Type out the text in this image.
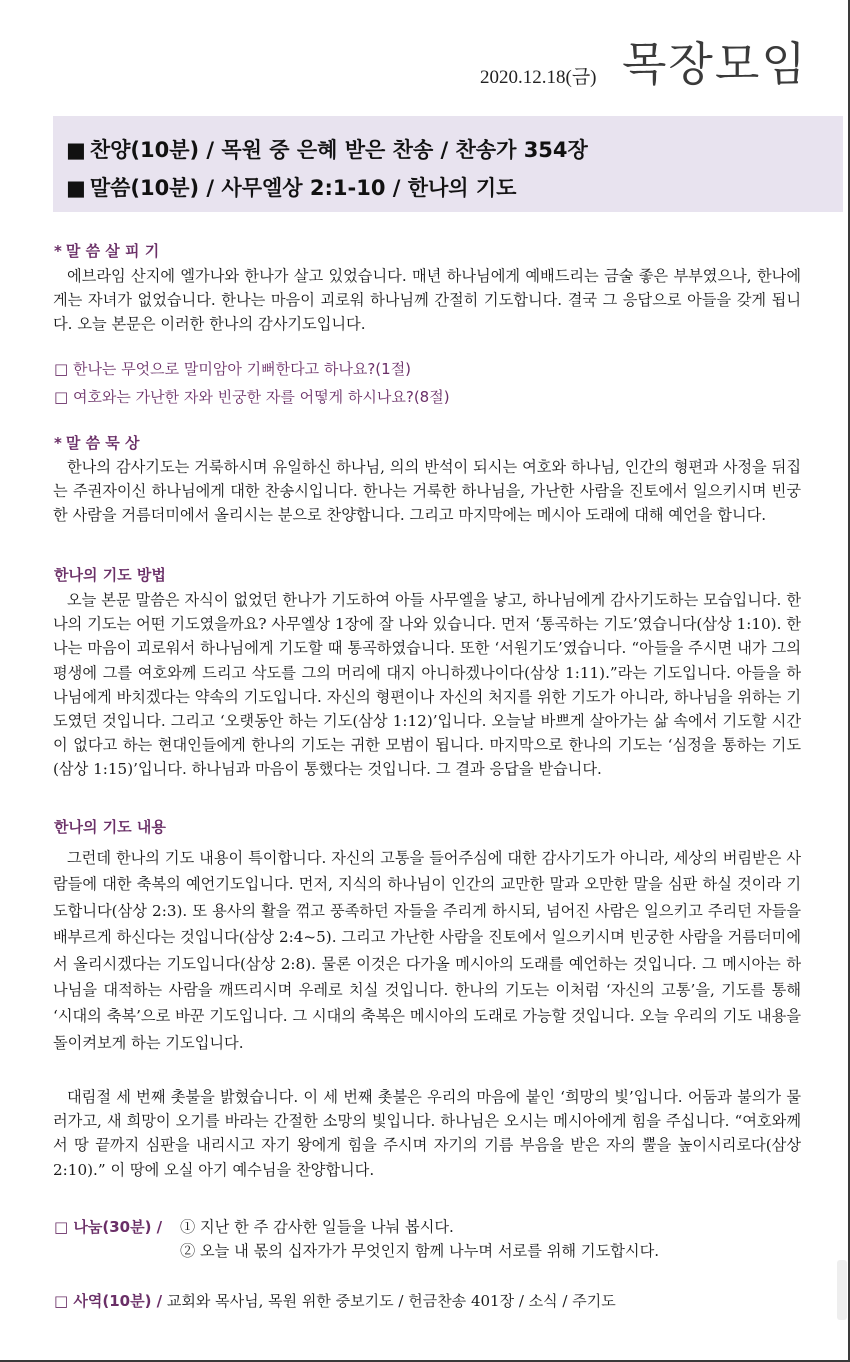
2020.12.18(금) 목장모임
■ 찬양(10분) / 목원 중 은혜 받은 찬송 / 찬송가 354장
■ 말씀(10분) / 사무엘상 2:1-10 / 한나의 기도
* 말 씀 살 피 기
에브라임 산지에 엘가나와 한나가 살고 있었습니다. 매년 하나님에게 예배드리는 금술 좋은 부부였으나, 한나에게는 자녀가 없었습니다. 한나는 마음이 괴로워 하나님께 간절히 기도합니다. 결국 그 응답으로 아들을 갖게 됩니다. 오늘 본문은 이러한 한나의 감사기도입니다.
□ 한나는 무엇으로 말미암아 기뻐한다고 하나요?(1절)
□ 여호와는 가난한 자와 빈궁한 자를 어떻게 하시나요?(8절)
* 말 씀 묵 상
한나의 감사기도는 거룩하시며 유일하신 하나님, 의의 반석이 되시는 여호와 하나님, 인간의 형편과 사정을 뒤집는 주권자이신 하나님에게 대한 찬송시입니다. 한나는 거룩한 하나님을, 가난한 사람을 진토에서 일으키시며 빈궁한 사람을 거름더미에서 올리시는 분으로 찬양합니다. 그리고 마지막에는 메시아 도래에 대해 예언을 합니다.
한나의 기도 방법
오늘 본문 말씀은 자식이 없었던 한나가 기도하여 아들 사무엘을 낳고, 하나님에게 감사기도하는 모습입니다. 한나의 기도는 어떤 기도였을까요? 사무엘상 1장에 잘 나와 있습니다. 먼저 ‘통곡하는 기도’였습니다(삼상 1:10). 한나는 마음이 괴로워서 하나님에게 기도할 때 통곡하였습니다. 또한 ‘서원기도’였습니다. “아들을 주시면 내가 그의 평생에 그를 여호와께 드리고 삭도를 그의 머리에 대지 아니하겠나이다(삼상 1:11).”라는 기도입니다. 아들을 하나님에게 바치겠다는 약속의 기도입니다. 자신의 형편이나 자신의 처지를 위한 기도가 아니라, 하나님을 위하는 기도였던 것입니다. 그리고 ‘오랫동안 하는 기도(삼상 1:12)’입니다. 오늘날 바쁘게 살아가는 삶 속에서 기도할 시간이 없다고 하는 현대인들에게 한나의 기도는 귀한 모범이 됩니다. 마지막으로 한나의 기도는 ‘심정을 통하는 기도(삼상 1:15)’입니다. 하나님과 마음이 통했다는 것입니다. 그 결과 응답을 받습니다.
한나의 기도 내용
그런데 한나의 기도 내용이 특이합니다. 자신의 고통을 들어주심에 대한 감사기도가 아니라, 세상의 버림받은 사람들에 대한 축복의 예언기도입니다. 먼저, 지식의 하나님이 인간의 교만한 말과 오만한 말을 심판 하실 것이라 기도합니다(삼상 2:3). 또 용사의 활을 꺾고 풍족하던 자들을 주리게 하시되, 넘어진 사람은 일으키고 주리던 자들을 배부르게 하신다는 것입니다(삼상 2:4~5). 그리고 가난한 사람을 진토에서 일으키시며 빈궁한 사람을 거름더미에서 올리시겠다는 기도입니다(삼상 2:8). 물론 이것은 다가올 메시아의 도래를 예언하는 것입니다. 그 메시아는 하나님을 대적하는 사람을 깨뜨리시며 우레로 치실 것입니다. 한나의 기도는 이처럼 ‘자신의 고통’을, 기도를 통해 ‘시대의 축복’으로 바꾼 기도입니다. 그 시대의 축복은 메시아의 도래로 가능할 것입니다. 오늘 우리의 기도 내용을 돌이켜보게 하는 기도입니다.
대림절 세 번째 촛불을 밝혔습니다. 이 세 번째 촛불은 우리의 마음에 붙인 ‘희망의 빛’입니다. 어둠과 불의가 물러가고, 새 희망이 오기를 바라는 간절한 소망의 빛입니다. 하나님은 오시는 메시아에게 힘을 주십니다. “여호와께서 땅 끝까지 심판을 내리시고 자기 왕에게 힘을 주시며 자기의 기름 부음을 받은 자의 뿔을 높이시리로다(삼상 2:10).” 이 땅에 오실 아기 예수님을 찬양합니다.
□ 나눔(30분) / ① 지난 한 주 감사한 일들을 나눠 봅시다.
② 오늘 내 몫의 십자가가 무엇인지 함께 나누며 서로를 위해 기도합시다.
□ 사역(10분) / 교회와 목사님, 목원 위한 중보기도 / 헌금찬송 401장 / 소식 / 주기도
